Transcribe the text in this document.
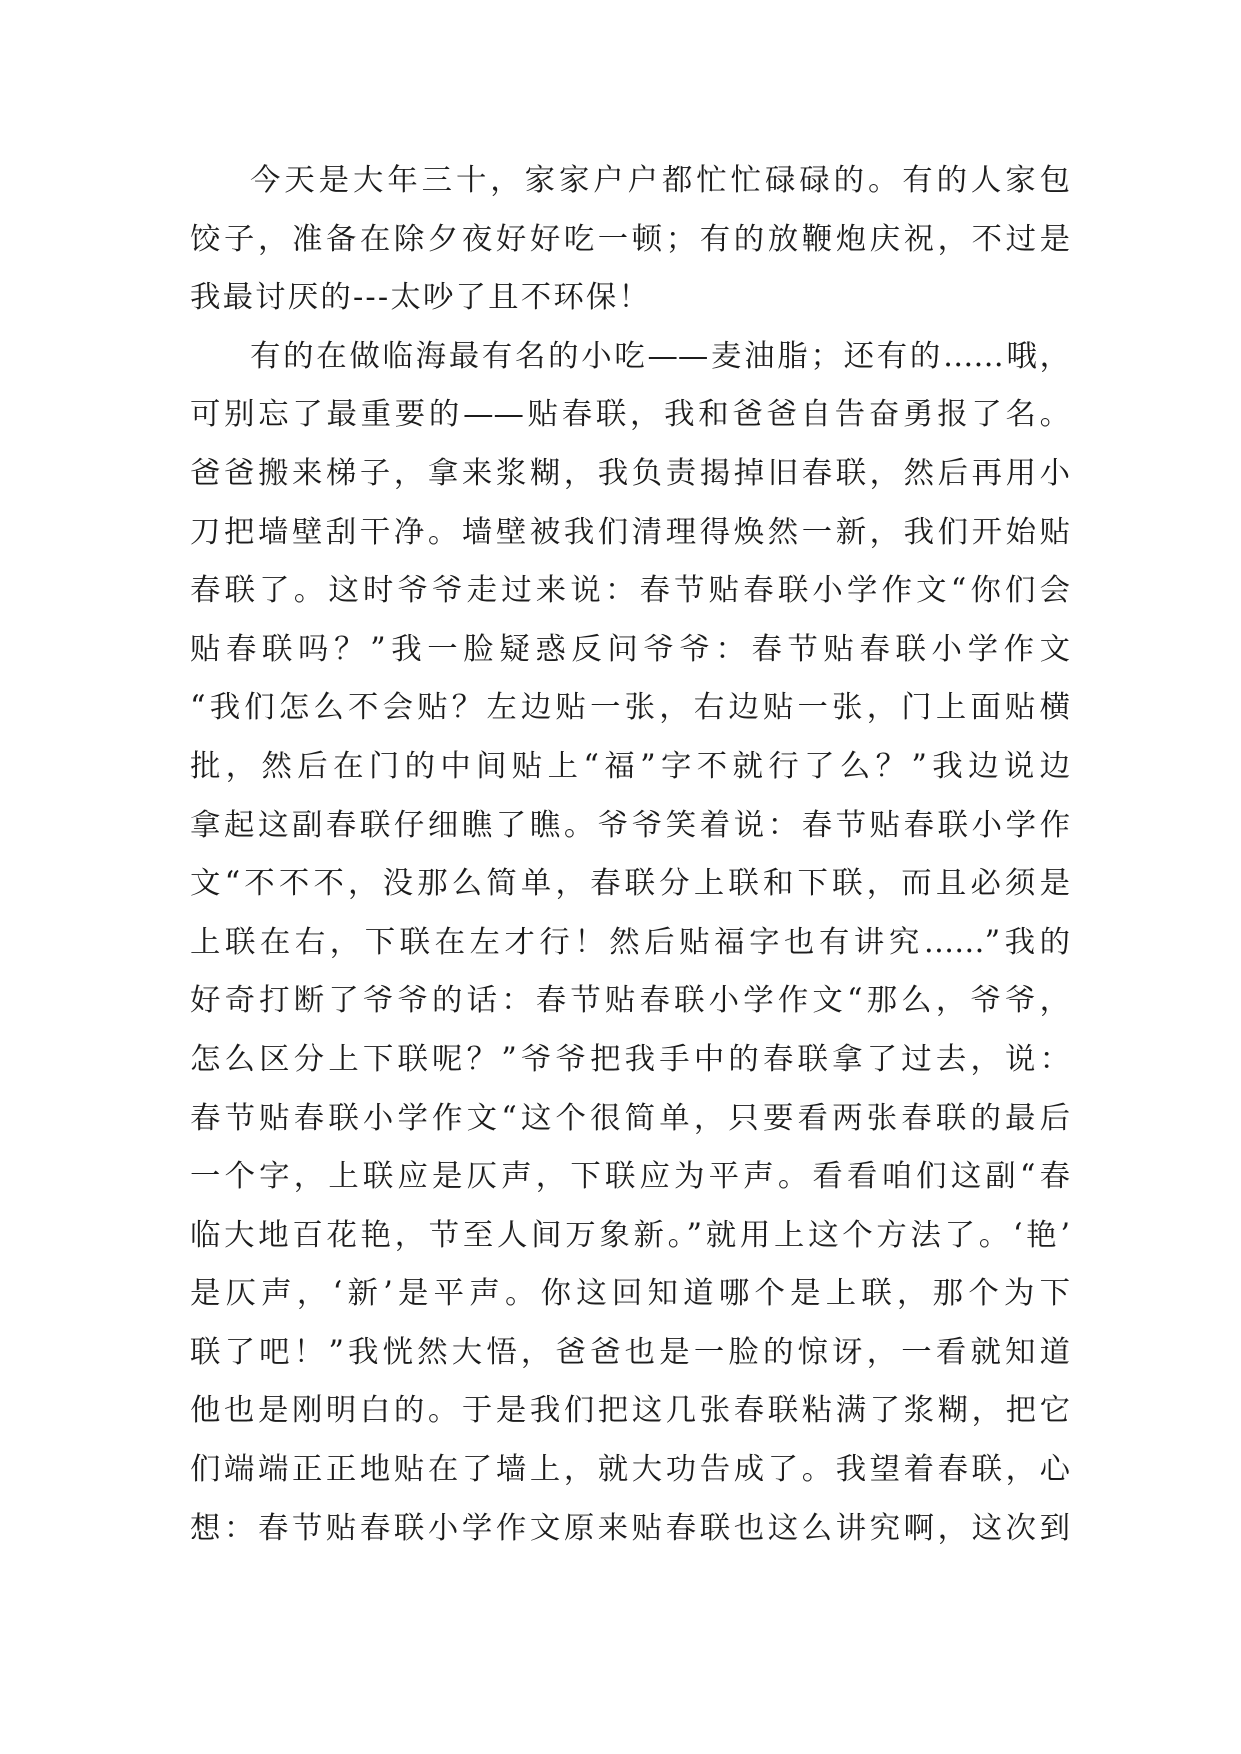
今天是大年三十，家家户户都忙忙碌碌的。有的人家包
饺子，准备在除夕夜好好吃一顿；有的放鞭炮庆祝，不过是
我最讨厌的---太吵了且不环保！
有的在做临海最有名的小吃——麦油脂；还有的……哦，
可别忘了最重要的——贴春联，我和爸爸自告奋勇报了名。
爸爸搬来梯子，拿来浆糊，我负责揭掉旧春联，然后再用小
刀把墙壁刮干净。墙壁被我们清理得焕然一新，我们开始贴
春联了。这时爷爷走过来说：春节贴春联小学作文“你们会
贴春联吗？”我一脸疑惑反问爷爷：春节贴春联小学作文
“我们怎么不会贴？左边贴一张，右边贴一张，门上面贴横
批，然后在门的中间贴上“福”字不就行了么？”我边说边
拿起这副春联仔细瞧了瞧。爷爷笑着说：春节贴春联小学作
文“不不不，没那么简单，春联分上联和下联，而且必须是
上联在右，下联在左才行！然后贴福字也有讲究……”我的
好奇打断了爷爷的话：春节贴春联小学作文“那么，爷爷，
怎么区分上下联呢？”爷爷把我手中的春联拿了过去，说：
春节贴春联小学作文“这个很简单，只要看两张春联的最后
一个字，上联应是仄声，下联应为平声。看看咱们这副“春
临大地百花艳，节至人间万象新。”就用上这个方法了。‘艳’
是仄声，‘新’是平声。你这回知道哪个是上联，那个为下
联了吧！”我恍然大悟，爸爸也是一脸的惊讶，一看就知道
他也是刚明白的。于是我们把这几张春联粘满了浆糊，把它
们端端正正地贴在了墙上，就大功告成了。我望着春联，心
想：春节贴春联小学作文原来贴春联也这么讲究啊，这次到
